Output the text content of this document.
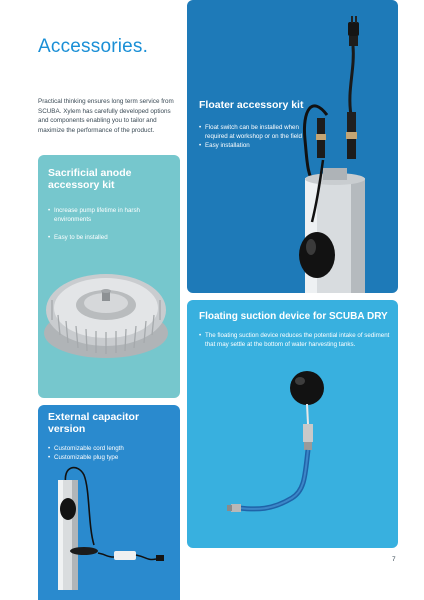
Accessories.
Practical thinking ensures long term service from SCUBA. Xylem has carefully developed options and components enabling you to tailor and maximize the performance of the product.
Floater accessory kit
• Float switch can be installed when required at workshop or on the field
• Easy installation
Sacrificial anode accessory kit
• Increase pump lifetime in harsh environments
• Easy to be installed
Floating suction device for SCUBA DRY
• The floating suction device reduces the potential intake of sediment that may settle at the bottom of water harvesting tanks.
External capacitor version
• Customizable cord length
• Customizable plug type
7
